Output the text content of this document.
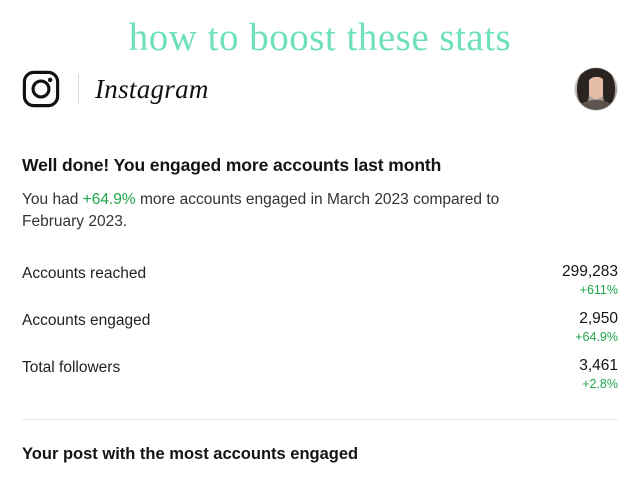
how to boost these stats
Instagram
Well done! You engaged more accounts last month
You had +64.9% more accounts engaged in March 2023 compared to February 2023.
Accounts reached	299,283
+611%
Accounts engaged	2,950
+64.9%
Total followers	3,461
+2.8%
Your post with the most accounts engaged
